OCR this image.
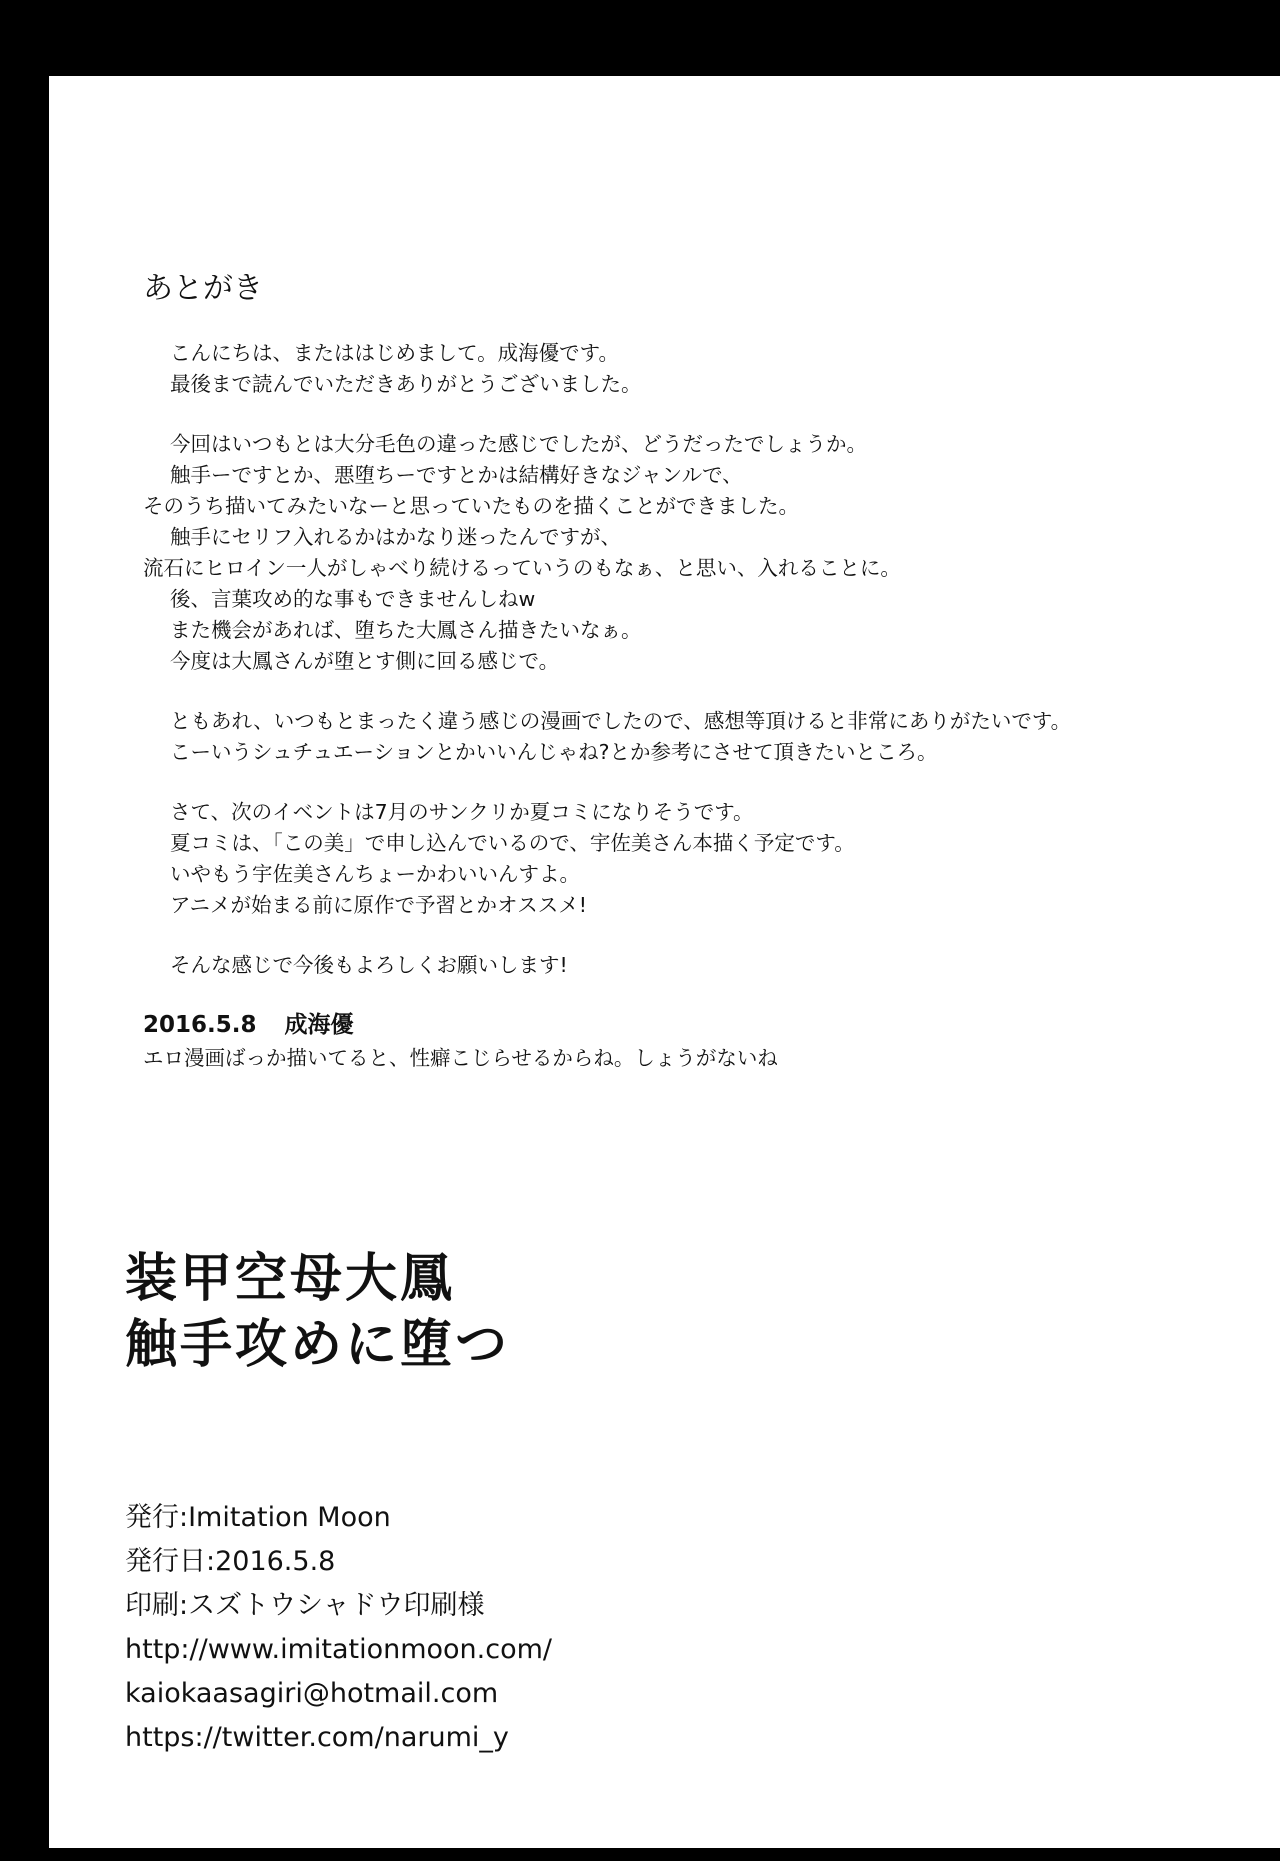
あとがき
こんにちは、またははじめまして。成海優です。
最後まで読んでいただきありがとうございました。
今回はいつもとは大分毛色の違った感じでしたが、どうだったでしょうか。
触手ーですとか、悪堕ちーですとかは結構好きなジャンルで、
そのうち描いてみたいなーと思っていたものを描くことができました。
触手にセリフ入れるかはかなり迷ったんですが、
流石にヒロイン一人がしゃべり続けるっていうのもなぁ、と思い、入れることに。
後、言葉攻め的な事もできませんしねw
また機会があれば、堕ちた大鳳さん描きたいなぁ。
今度は大鳳さんが堕とす側に回る感じで。
ともあれ、いつもとまったく違う感じの漫画でしたので、感想等頂けると非常にありがたいです。
こーいうシュチュエーションとかいいんじゃね?とか参考にさせて頂きたいところ。
さて、次のイベントは7月のサンクリか夏コミになりそうです。
夏コミは、「この美」で申し込んでいるので、宇佐美さん本描く予定です。
いやもう宇佐美さんちょーかわいいんすよ。
アニメが始まる前に原作で予習とかオススメ!
そんな感じで今後もよろしくお願いします!
2016.5.8 成海優
エロ漫画ばっか描いてると、性癖こじらせるからね。しょうがないね
装甲空母大鳳
触手攻めに堕つ
発行:Imitation Moon
発行日:2016.5.8
印刷:スズトウシャドウ印刷様
http://www.imitationmoon.com/
kaiokaasagiri@hotmail.com
https://twitter.com/narumi_y
